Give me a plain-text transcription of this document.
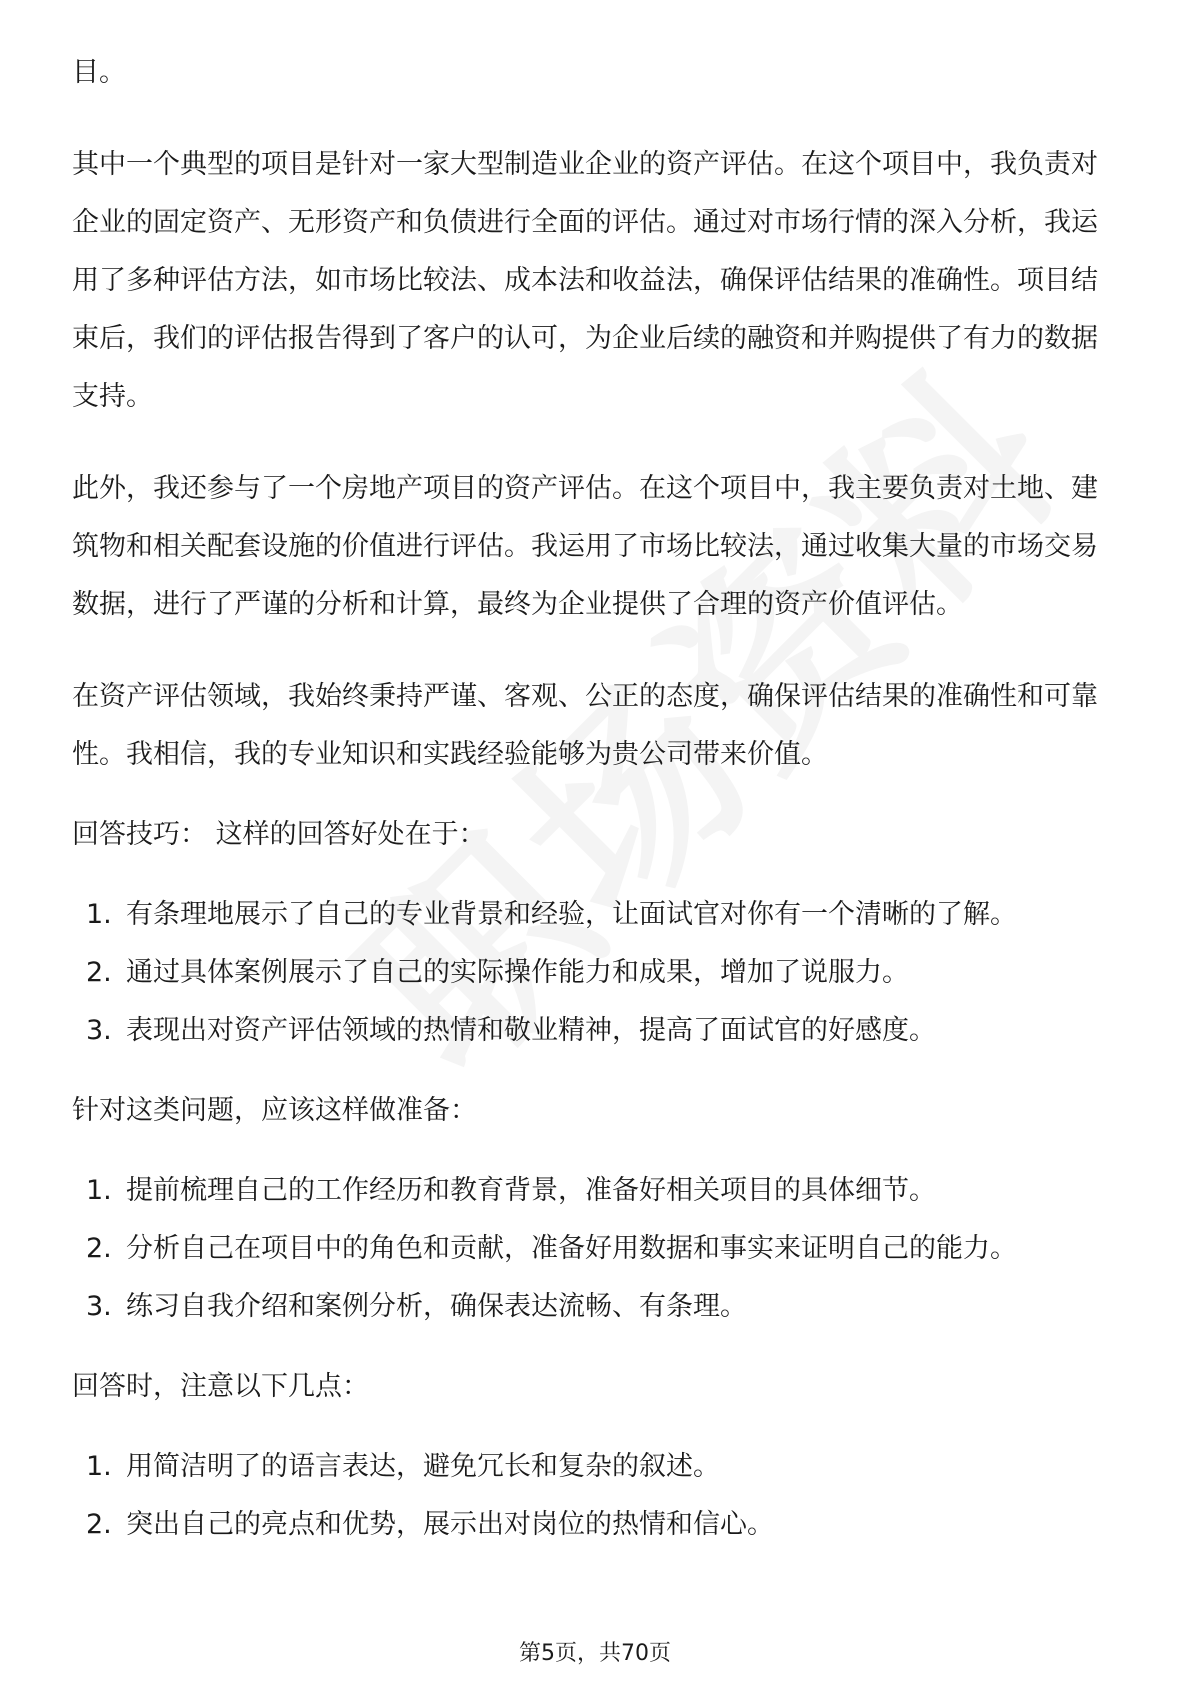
目。

其中一个典型的项目是针对一家大型制造业企业的资产评估。在这个项目中，我负责对企业的固定资产、无形资产和负债进行全面的评估。通过对市场行情的深入分析，我运用了多种评估方法，如市场比较法、成本法和收益法，确保评估结果的准确性。项目结束后，我们的评估报告得到了客户的认可，为企业后续的融资和并购提供了有力的数据支持。

此外，我还参与了一个房地产项目的资产评估。在这个项目中，我主要负责对土地、建筑物和相关配套设施的价值进行评估。我运用了市场比较法，通过收集大量的市场交易数据，进行了严谨的分析和计算，最终为企业提供了合理的资产价值评估。

在资产评估领域，我始终秉持严谨、客观、公正的态度，确保评估结果的准确性和可靠性。我相信，我的专业知识和实践经验能够为贵公司带来价值。

回答技巧： 这样的回答好处在于：

1. 有条理地展示了自己的专业背景和经验，让面试官对你有一个清晰的了解。
2. 通过具体案例展示了自己的实际操作能力和成果，增加了说服力。
3. 表现出对资产评估领域的热情和敬业精神，提高了面试官的好感度。

针对这类问题，应该这样做准备：

1. 提前梳理自己的工作经历和教育背景，准备好相关项目的具体细节。
2. 分析自己在项目中的角色和贡献，准备好用数据和事实来证明自己的能力。
3. 练习自我介绍和案例分析，确保表达流畅、有条理。

回答时，注意以下几点：

1. 用简洁明了的语言表达，避免冗长和复杂的叙述。
2. 突出自己的亮点和优势，展示出对岗位的热情和信心。
第5页，共70页
